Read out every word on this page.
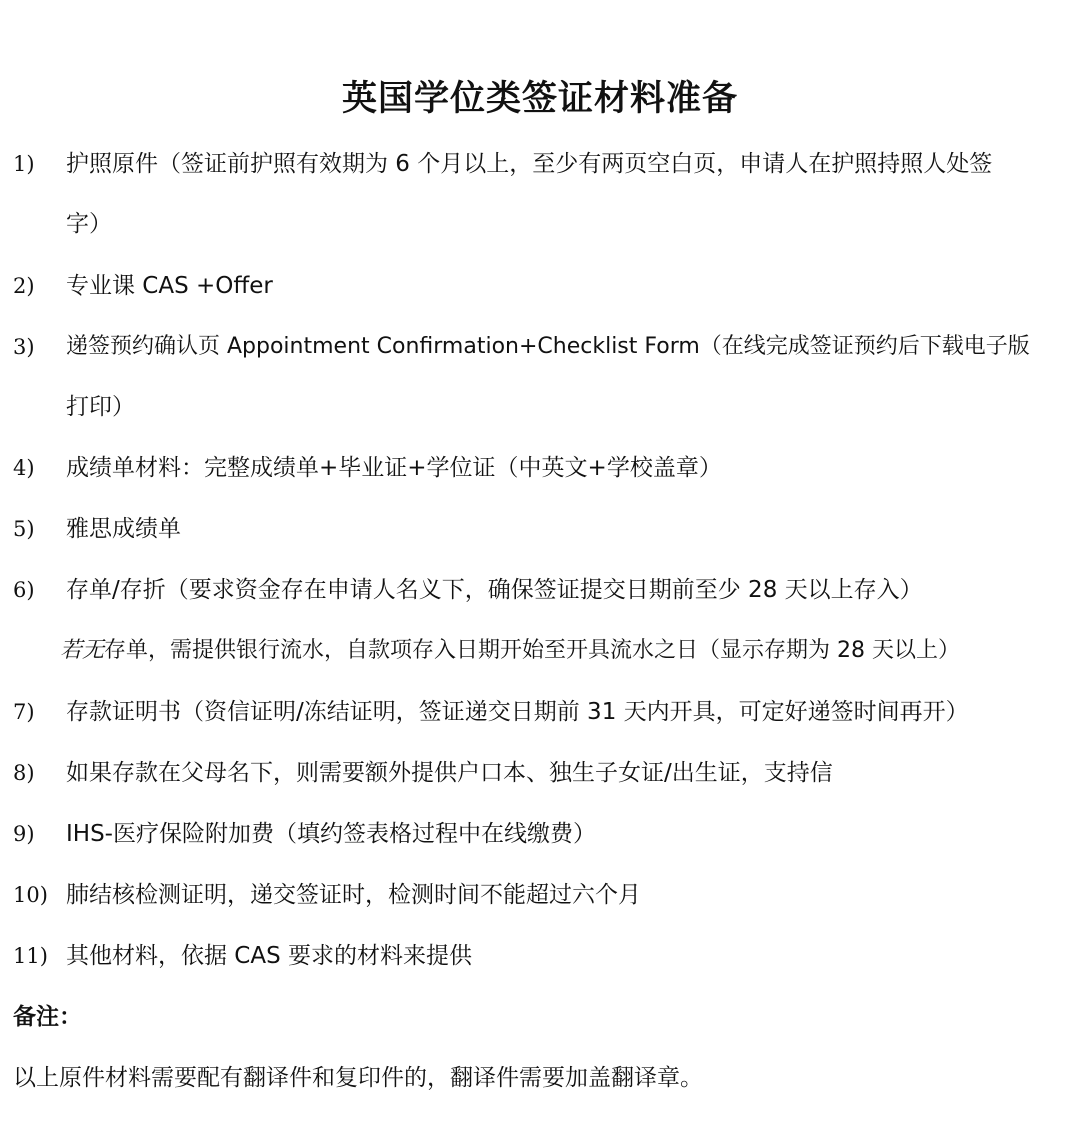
英国学位类签证材料准备
1) 护照原件（签证前护照有效期为 6 个月以上，至少有两页空白页，申请人在护照持照人处签
字）
2) 专业课 CAS +Offer
3) 递签预约确认页 Appointment Confirmation+Checklist Form（在线完成签证预约后下载电子版
打印）
4) 成绩单材料：完整成绩单+毕业证+学位证（中英文+学校盖章）
5) 雅思成绩单
6) 存单/存折（要求资金存在申请人名义下，确保签证提交日期前至少 28 天以上存入）
若无存单，需提供银行流水，自款项存入日期开始至开具流水之日（显示存期为 28 天以上）
7) 存款证明书（资信证明/冻结证明，签证递交日期前 31 天内开具，可定好递签时间再开）
8) 如果存款在父母名下，则需要额外提供户口本、独生子女证/出生证，支持信
9) IHS-医疗保险附加费（填约签表格过程中在线缴费）
10) 肺结核检测证明，递交签证时，检测时间不能超过六个月
11) 其他材料，依据 CAS 要求的材料来提供
备注：
以上原件材料需要配有翻译件和复印件的，翻译件需要加盖翻译章。
